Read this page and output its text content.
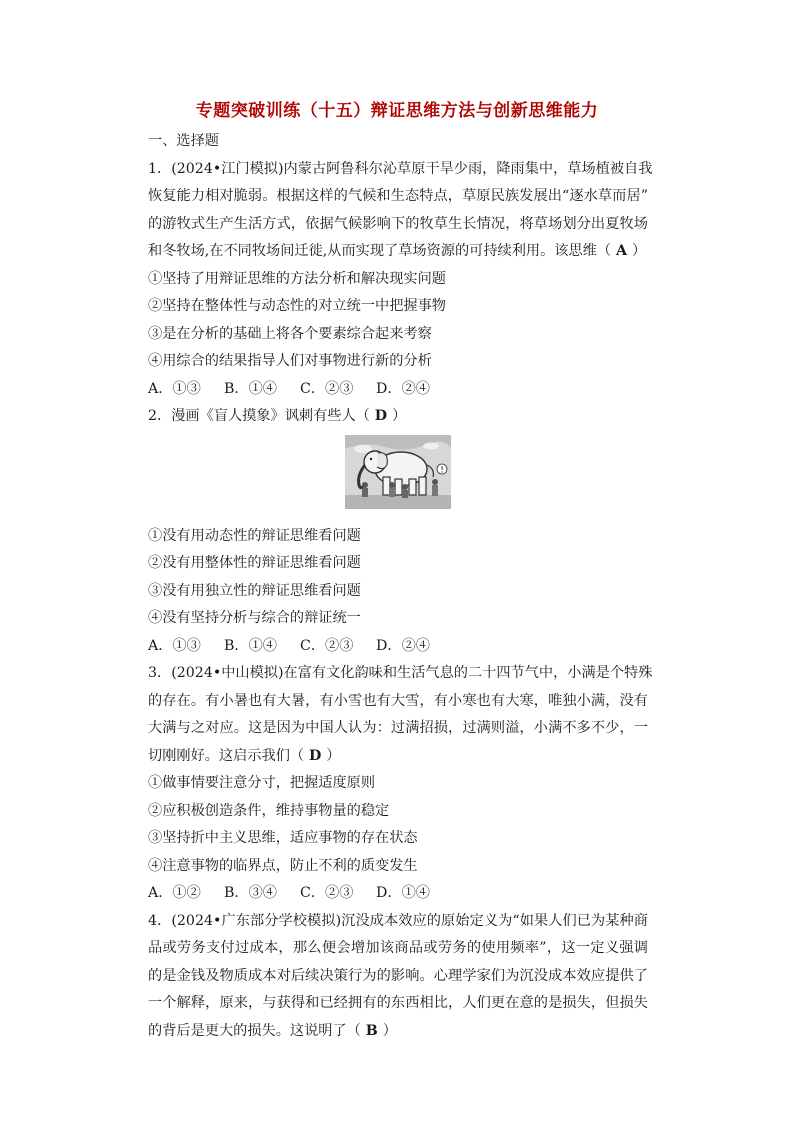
专题突破训练（十五）辩证思维方法与创新思维能力
一、选择题
1．(2024•江门模拟)内蒙古阿鲁科尔沁草原干旱少雨，降雨集中，草场植被自我
恢复能力相对脆弱。根据这样的气候和生态特点，草原民族发展出“逐水草而居”
的游牧式生产生活方式，依据气候影响下的牧草生长情况，将草场划分出夏牧场
和冬牧场,在不同牧场间迁徙,从而实现了草场资源的可持续利用。该思维（ A ）
①坚持了用辩证思维的方法分析和解决现实问题
②坚持在整体性与动态性的对立统一中把握事物
③是在分析的基础上将各个要素综合起来考察
④用综合的结果指导人们对事物进行新的分析
A．①③	B．①④	C．②③	D．②④
2．漫画《盲人摸象》讽刺有些人（ D ）
①没有用动态性的辩证思维看问题
②没有用整体性的辩证思维看问题
③没有用独立性的辩证思维看问题
④没有坚持分析与综合的辩证统一
A．①③	B．①④	C．②③	D．②④
3．(2024•中山模拟)在富有文化韵味和生活气息的二十四节气中，小满是个特殊
的存在。有小暑也有大暑，有小雪也有大雪，有小寒也有大寒，唯独小满，没有
大满与之对应。这是因为中国人认为：过满招损，过满则溢，小满不多不少，一
切刚刚好。这启示我们（ D ）
①做事情要注意分寸，把握适度原则
②应积极创造条件，维持事物量的稳定
③坚持折中主义思维，适应事物的存在状态
④注意事物的临界点，防止不利的质变发生
A．①②	B．③④	C．②③	D．①④
4．(2024•广东部分学校模拟)沉没成本效应的原始定义为“如果人们已为某种商
品或劳务支付过成本，那么便会增加该商品或劳务的使用频率”，这一定义强调
的是金钱及物质成本对后续决策行为的影响。心理学家们为沉没成本效应提供了
一个解释，原来，与获得和已经拥有的东西相比，人们更在意的是损失，但损失
的背后是更大的损失。这说明了（ B ）
